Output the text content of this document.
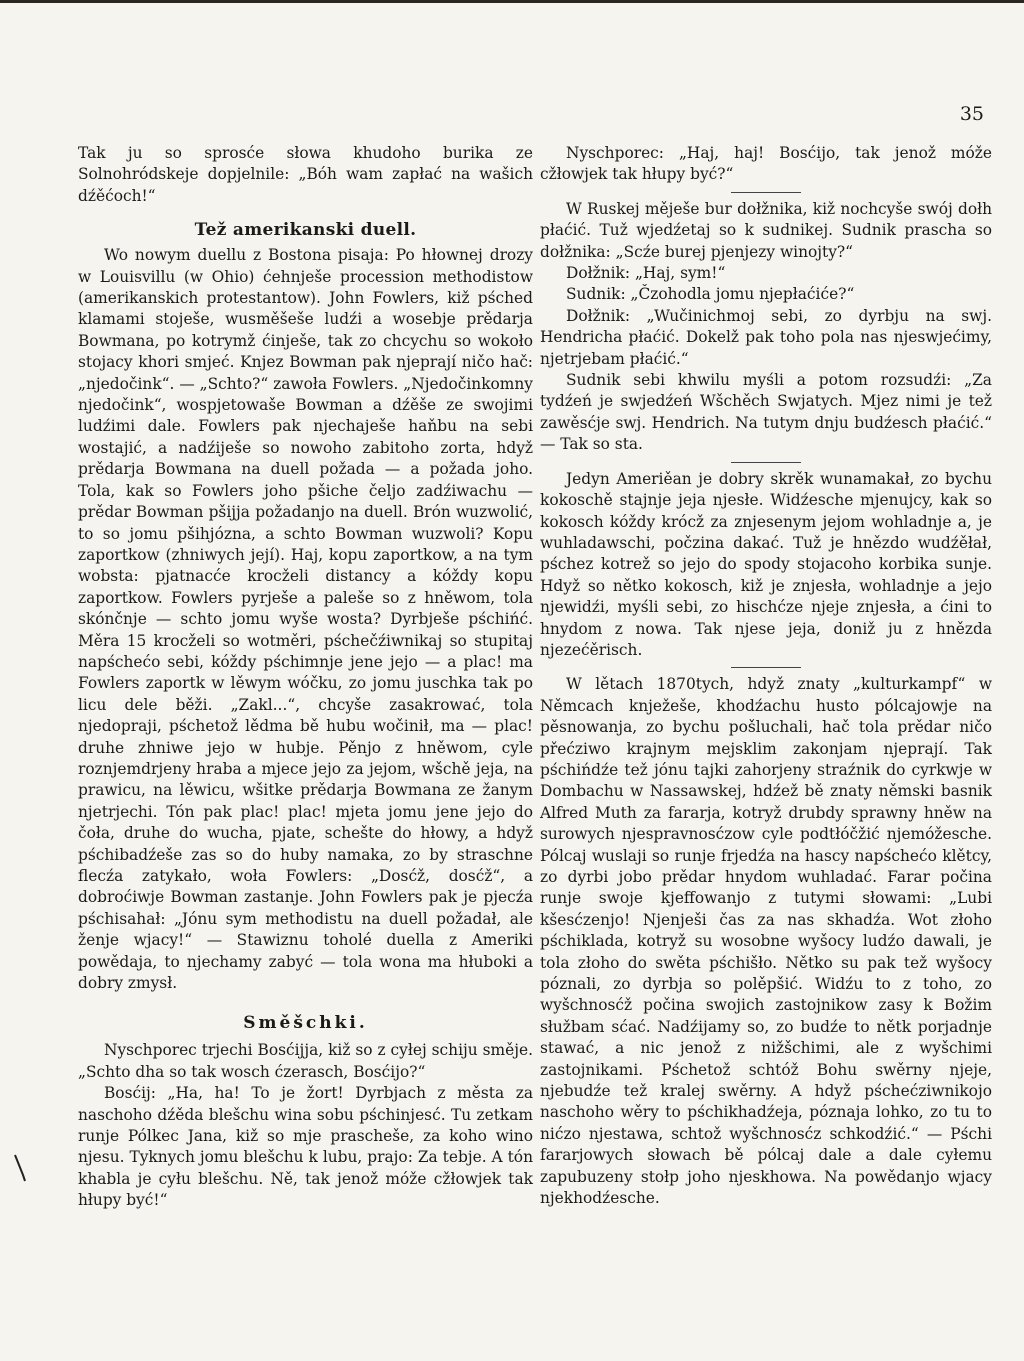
35

Tak ju so sprosće słowa khudoho burika ze Solnohródskeje dopjelnile: „Bóh wam zapłać na wašich dźěćoch!“

Tež amerikanski duell.

Wo nowym duellu z Bostona pisaja: Po hłownej drozy w Louisvillu (w Ohio) ćehnješe procession methodistow (amerikanskich protestantow). John Fowlers, kiž pśched klamami stoješe, wusměšeše ludźi a wosebje prědarja Bowmana, po kotrymž ćinješe, tak zo chcychu so wokoło stojacy khori smjeć. Knjez Bowman pak njeprají ničo hač: „njedočink“. — „Schto?“ zawoła Fowlers. „Njedočinkomny njedočink“, wospjetowaše Bowman a dźěše ze swojimi ludźimi dale. Fowlers pak njechaješe haňbu na sebi wostajić, a nadźiješe so nowoho zabitoho zorta, hdyž prědarja Bowmana na duell požada — a požada joho. Tola, kak so Fowlers joho pšiche čeljo zadźiwachu — prědar Bowman pšijja požadanjo na duell. Brón wuzwolić, to so jomu pšihjózna, a schto Bowman wuzwoli? Kopu zaportkow (zhniwych její). Haj, kopu zaportkow, a na tym wobsta: pjatnacće krocželi distancy a kóždy kopu zaportkow. Fowlers pyrješe a paleše so z hněwom, tola skónčnje — schto jomu wyše wosta? Dyrbješe pśchińć. Měra 15 krocželi so wotměri, pśchečźiwnikaj so stupitaj napśchećo sebi, kóždy pśchimnje jene jejo — a plac! ma Fowlers zaportk w lěwym wóčku, zo jomu juschka tak po licu dele běži. „Zakl...“, chcyše zasakrować, tola njedopraji, pśchetož lědma bě hubu wočinił, ma — plac! druhe zhniwe jejo w hubje. Pěnjo z hněwom, cyle roznjemdrjeny hraba a mjece jejo za jejom, wšchě jeja, na prawicu, na lěwicu, wšitke prědarja Bowmana ze žanym njetrjechi. Tón pak plac! plac! mjeta jomu jene jejo do čoła, druhe do wucha, pjate, schešte do hłowy, a hdyž pśchibadźeše zas so do huby namaka, zo by straschne flecźa zatykało, woła Fowlers: „Dosćž, dosćž“, a dobroćiwje Bowman zastanje. John Fowlers pak je pjecźa pśchisahał: „Jónu sym methodistu na duell požadał, ale ženje wjacy!“ — Stawiznu toholé duella z Ameriki powědaja, to njechamy zabyć — tola wona ma hłuboki a dobry zmysł.

Směšchki.

Nyschporec trjechi Bosćijja, kiž so z cyłej schiju směje. „Schto dha so tak wosch ćzerasch, Bosćijo?“

Bosćij: „Ha, ha! To je žort! Dyrbjach z města za naschoho dźěda blešchu wina sobu pśchinjesć. Tu zetkam runje Pólkec Jana, kiž so mje prascheše, za koho wino njesu. Tyknych jomu blešchu k lubu, prajo: Za tebje. A tón khabla je cyłu blešchu. Ně, tak jenož móže cžłowjek tak hłupy być!“

Nyschporec: „Haj, haj! Bosćijo, tak jenož móže cžłowjek tak hłupy być?“

W Ruskej měješe bur dołžnika, kiž nochcyše swój dołh płaćić. Tuž wjedźetaj so k sudnikej. Sudnik prascha so dołžnika: „Scźe burej pjenjezy winojty?“

Dołžnik: „Haj, sym!“

Sudnik: „Čzohodla jomu njepłaćiće?“

Dołžnik: „Wučinichmoj sebi, zo dyrbju na swj. Hendricha płaćić. Dokelž pak toho pola nas njeswjećimy, njetrjebam płaćić.“

Sudnik sebi khwilu myśli a potom rozsudźi: „Za tydźeń je swjedźeń Wšchěch Swjatych. Mjez nimi je tež zawěsćje swj. Hendrich. Na tutym dnju budźesch płaćić.“ — Tak so sta.

Jedyn Ameriěan je dobry skrěk wunamakał, zo bychu kokoschě stajnje jeja njesłe. Widźesche mjenujcy, kak so kokosch kóždy krócž za znjesenym jejom wohladnje a, je wuhladawschi, počzina dakać. Tuž je hnězdo wudźěłał, pśchez kotrež so jejo do spody stojacoho korbika sunje. Hdyž so nětko kokosch, kiž je znjesła, wohladnje a jejo njewidźi, myśli sebi, zo hischćze njeje znjesła, a ćini to hnydom z nowa. Tak njese jeja, doniž ju z hnězda njezećěrisch.

W lětach 1870tych, hdyž znaty „kulturkampf“ w Němcach knježeše, khodźachu husto pólcajowje na pěsnowanja, zo bychu pošluchali, hač tola prědar ničo přećziwo krajnym mejsklim zakonjam njeprají. Tak pśchińdźe tež jónu tajki zahorjeny straźnik do cyrkwje w Dombachu w Nassawskej, hdźež bě znaty němski basnik Alfred Muth za fararja, kotryž drubdy sprawny hněw na surowych njespravnosćzow cyle podtłóčžić njemóžesche. Pólcaj wuslaji so runje frjedźa na hascy napśchećo klětcy, zo dyrbi jobo prědar hnydom wuhladać. Farar počina runje swoje kjeffowanjo z tutymi słowami: „Lubi kšesćzenjo! Njenješi čas za nas skhadźa. Wot złoho pśchiklada, kotryž su wosobne wyšocy ludźo dawali, je tola złoho do swěta pśchišło. Nětko su pak tež wyšocy póznali, zo dyrbja so polěpšić. Widźu to z toho, zo wyšchnosćž počina swojich zastojnikow zasy k Božim słužbam sćać. Nadźijamy so, zo budźe to nětk porjadnje stawać, a nic jenož z nižšchimi, ale z wyšchimi zastojnikami. Pśchetož schtóž Bohu swěrny njeje, njebudźe tež kralej swěrny. A hdyž pśchećziwnikojo naschoho wěry to pśchikhadźeja, póznaja lohko, zo tu to nićzo njestawa, schtož wyšchnosćz schkodźić.“ — Pśchi fararjowych słowach bě pólcaj dale a dale cyłemu zapubuzeny stołp joho njeskhowa. Na powědanjo wjacy njekhodźesche.
